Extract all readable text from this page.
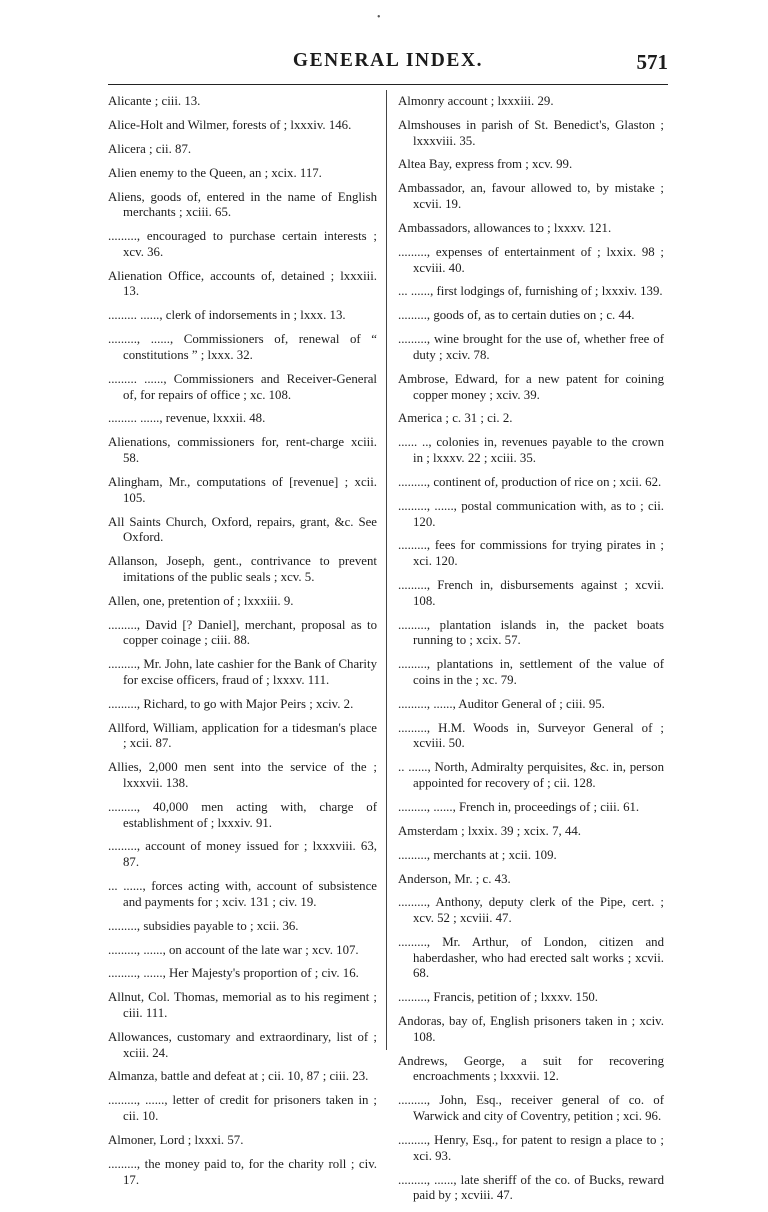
•
GENERAL INDEX.	571
Alicante ; ciii. 13.
Alice-Holt and Wilmer, forests of ; lxxxiv. 146.
Alicera ; cii. 87.
Alien enemy to the Queen, an ; xcix. 117.
Aliens, goods of, entered in the name of English merchants ; xciii. 65.
........., encouraged to purchase certain interests ; xcv. 36.
Alienation Office, accounts of, detained ; lxxxiii. 13.
......... ......, clerk of indorsements in ; lxxx. 13.
........., ......, Commissioners of, renewal of “ constitutions ” ; lxxx. 32.
......... ......, Commissioners and Receiver-General of, for repairs of office ; xc. 108.
......... ......, revenue, lxxxii. 48.
Alienations, commissioners for, rent-charge xciii. 58.
Alingham, Mr., computations of [revenue] ; xcii. 105.
All Saints Church, Oxford, repairs, grant, &c. See Oxford.
Allanson, Joseph, gent., contrivance to prevent imitations of the public seals ; xcv. 5.
Allen, one, pretention of ; lxxxiii. 9.
........., David [? Daniel], merchant, proposal as to copper coinage ; ciii. 88.
........., Mr. John, late cashier for the Bank of Charity for excise officers, fraud of ; lxxxv. 111.
........., Richard, to go with Major Peirs ; xciv. 2.
Allford, William, application for a tidesman's place ; xcii. 87.
Allies, 2,000 men sent into the service of the ; lxxxvii. 138.
........., 40,000 men acting with, charge of establishment of ; lxxxiv. 91.
........., account of money issued for ; lxxxviii. 63, 87.
... ......, forces acting with, account of subsistence and payments for ; xciv. 131 ; civ. 19.
........., subsidies payable to ; xcii. 36.
........., ......, on account of the late war ; xcv. 107.
........., ......, Her Majesty's proportion of ; civ. 16.
Allnut, Col. Thomas, memorial as to his regiment ; ciii. 111.
Allowances, customary and extraordinary, list of ; xciii. 24.
Almanza, battle and defeat at ; cii. 10, 87 ; ciii. 23.
........., ......, letter of credit for prisoners taken in ; cii. 10.
Almoner, Lord ; lxxxi. 57.
........., the money paid to, for the charity roll ; civ. 17.
Almonry account ; lxxxiii. 29.
Almshouses in parish of St. Benedict's, Glaston ; lxxxviii. 35.
Altea Bay, express from ; xcv. 99.
Ambassador, an, favour allowed to, by mistake ; xcvii. 19.
Ambassadors, allowances to ; lxxxv. 121.
........., expenses of entertainment of ; lxxix. 98 ; xcviii. 40.
... ......, first lodgings of, furnishing of ; lxxxiv. 139.
........., goods of, as to certain duties on ; c. 44.
........., wine brought for the use of, whether free of duty ; xciv. 78.
Ambrose, Edward, for a new patent for coining copper money ; xciv. 39.
America ; c. 31 ; ci. 2.
...... .., colonies in, revenues payable to the crown in ; lxxxv. 22 ; xciii. 35.
........., continent of, production of rice on ; xcii. 62.
........., ......, postal communication with, as to ; cii. 120.
........., fees for commissions for trying pirates in ; xci. 120.
........., French in, disbursements against ; xcvii. 108.
........., plantation islands in, the packet boats running to ; xcix. 57.
........., plantations in, settlement of the value of coins in the ; xc. 79.
........., ......, Auditor General of ; ciii. 95.
........., H.M. Woods in, Surveyor General of ; xcviii. 50.
.. ......, North, Admiralty perquisites, &c. in, person appointed for recovery of ; cii. 128.
........., ......, French in, proceedings of ; ciii. 61.
Amsterdam ; lxxix. 39 ; xcix. 7, 44.
........., merchants at ; xcii. 109.
Anderson, Mr. ; c. 43.
........., Anthony, deputy clerk of the Pipe, cert. ; xcv. 52 ; xcviii. 47.
........., Mr. Arthur, of London, citizen and haberdasher, who had erected salt works ; xcvii. 68.
........., Francis, petition of ; lxxxv. 150.
Andoras, bay of, English prisoners taken in ; xciv. 108.
Andrews, George, a suit for recovering encroachments ; lxxxvii. 12.
........., John, Esq., receiver general of co. of Warwick and city of Coventry, petition ; xci. 96.
........., Henry, Esq., for patent to resign a place to ; xci. 93.
........., ......, late sheriff of the co. of Bucks, reward paid by ; xcviii. 47.
